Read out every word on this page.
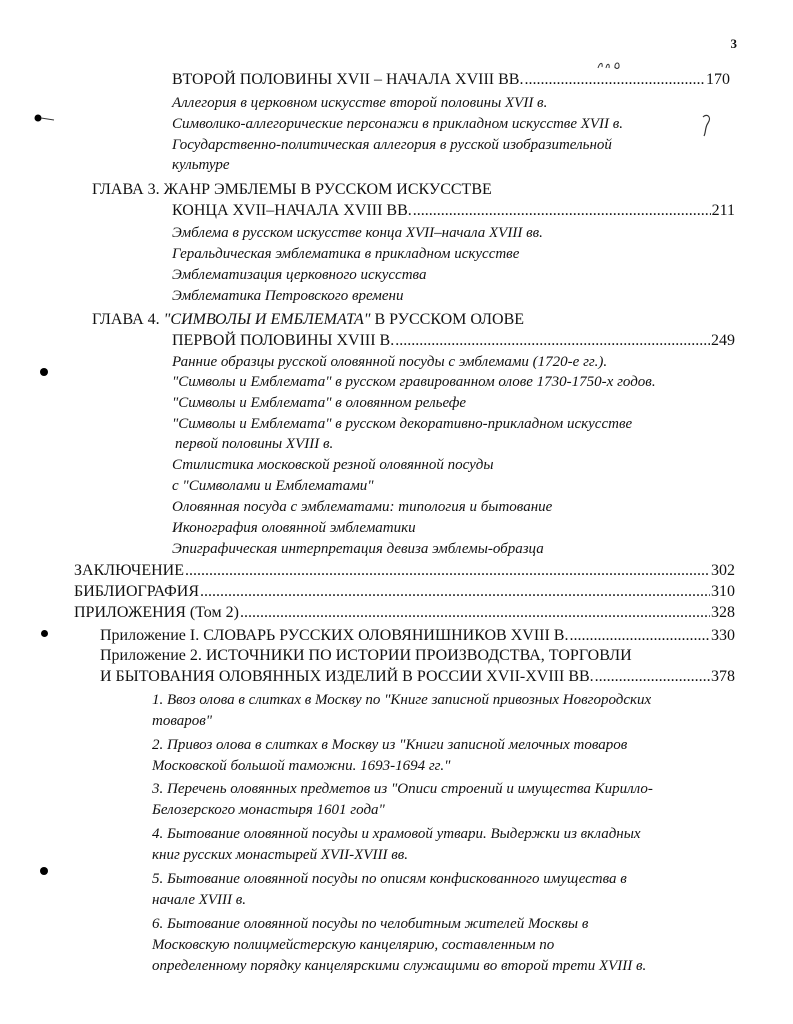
3
ВТОРОЙ ПОЛОВИНЫ XVII – НАЧАЛА XVIII ВВ. .....	170
Аллегория в церковном искусстве второй половины XVII в.
Символико-аллегорические персонажи в прикладном искусстве XVII в.
Государственно-политическая аллегория в русской изобразительной
культуре
ГЛАВА 3. ЖАНР ЭМБЛЕМЫ В РУССКОМ ИСКУССТВЕ
КОНЦА XVII–НАЧАЛА XVIII ВВ. .....	211
Эмблема в русском искусстве конца XVII–начала XVIII вв.
Геральдическая эмблематика в прикладном искусстве
Эмблематизация церковного искусства
Эмблематика Петровского времени
ГЛАВА 4. "СИМВОЛЫ И ЕМБЛЕМАТА" В РУССКОМ ОЛОВЕ
ПЕРВОЙ ПОЛОВИНЫ XVIII В. .....	249
Ранние образцы русской оловянной посуды с эмблемами (1720-е гг.).
"Символы и Емблемата" в русском гравированном олове 1730-1750-х годов.
"Символы и Емблемата" в оловянном рельефе
"Символы и Емблемата" в русском декоративно-прикладном искусстве
первой половины XVIII в.
Стилистика московской резной оловянной посуды
с "Символами и Емблематами"
Оловянная посуда с эмблематами: типология и бытование
Иконография оловянной эмблематики
Эпиграфическая интерпретация девиза эмблемы-образца
ЗАКЛЮЧЕНИЕ .....	302
БИБЛИОГРАФИЯ .....	310
ПРИЛОЖЕНИЯ (Том 2) .....	328
Приложение I. СЛОВАРЬ РУССКИХ ОЛОВЯНИШНИКОВ XVIII В. .....	330
Приложение 2. ИСТОЧНИКИ ПО ИСТОРИИ ПРОИЗВОДСТВА, ТОРГОВЛИ
И БЫТОВАНИЯ ОЛОВЯННЫХ ИЗДЕЛИЙ В РОССИИ XVII-XVIII ВВ. .....	378
1. Ввоз олова в слитках в Москву по "Книге записной привозных Новгородских
товаров"
2. Привоз олова в слитках в Москву из "Книги записной мелочных товаров
Московской большой таможни. 1693-1694 гг."
3. Перечень оловянных предметов из "Описи строений и имущества Кирилло-
Белозерского монастыря 1601 года"
4. Бытование оловянной посуды и храмовой утвари. Выдержки из вкладных
книг русских монастырей XVII-XVIII вв.
5. Бытование оловянной посуды по описям конфискованного имущества в
начале XVIII в.
6. Бытование оловянной посуды по челобитным жителей Москвы в
Московскую полицмейстерскую канцелярию, составленным по
определенному порядку канцелярскими служащими во второй трети XVIII в.
